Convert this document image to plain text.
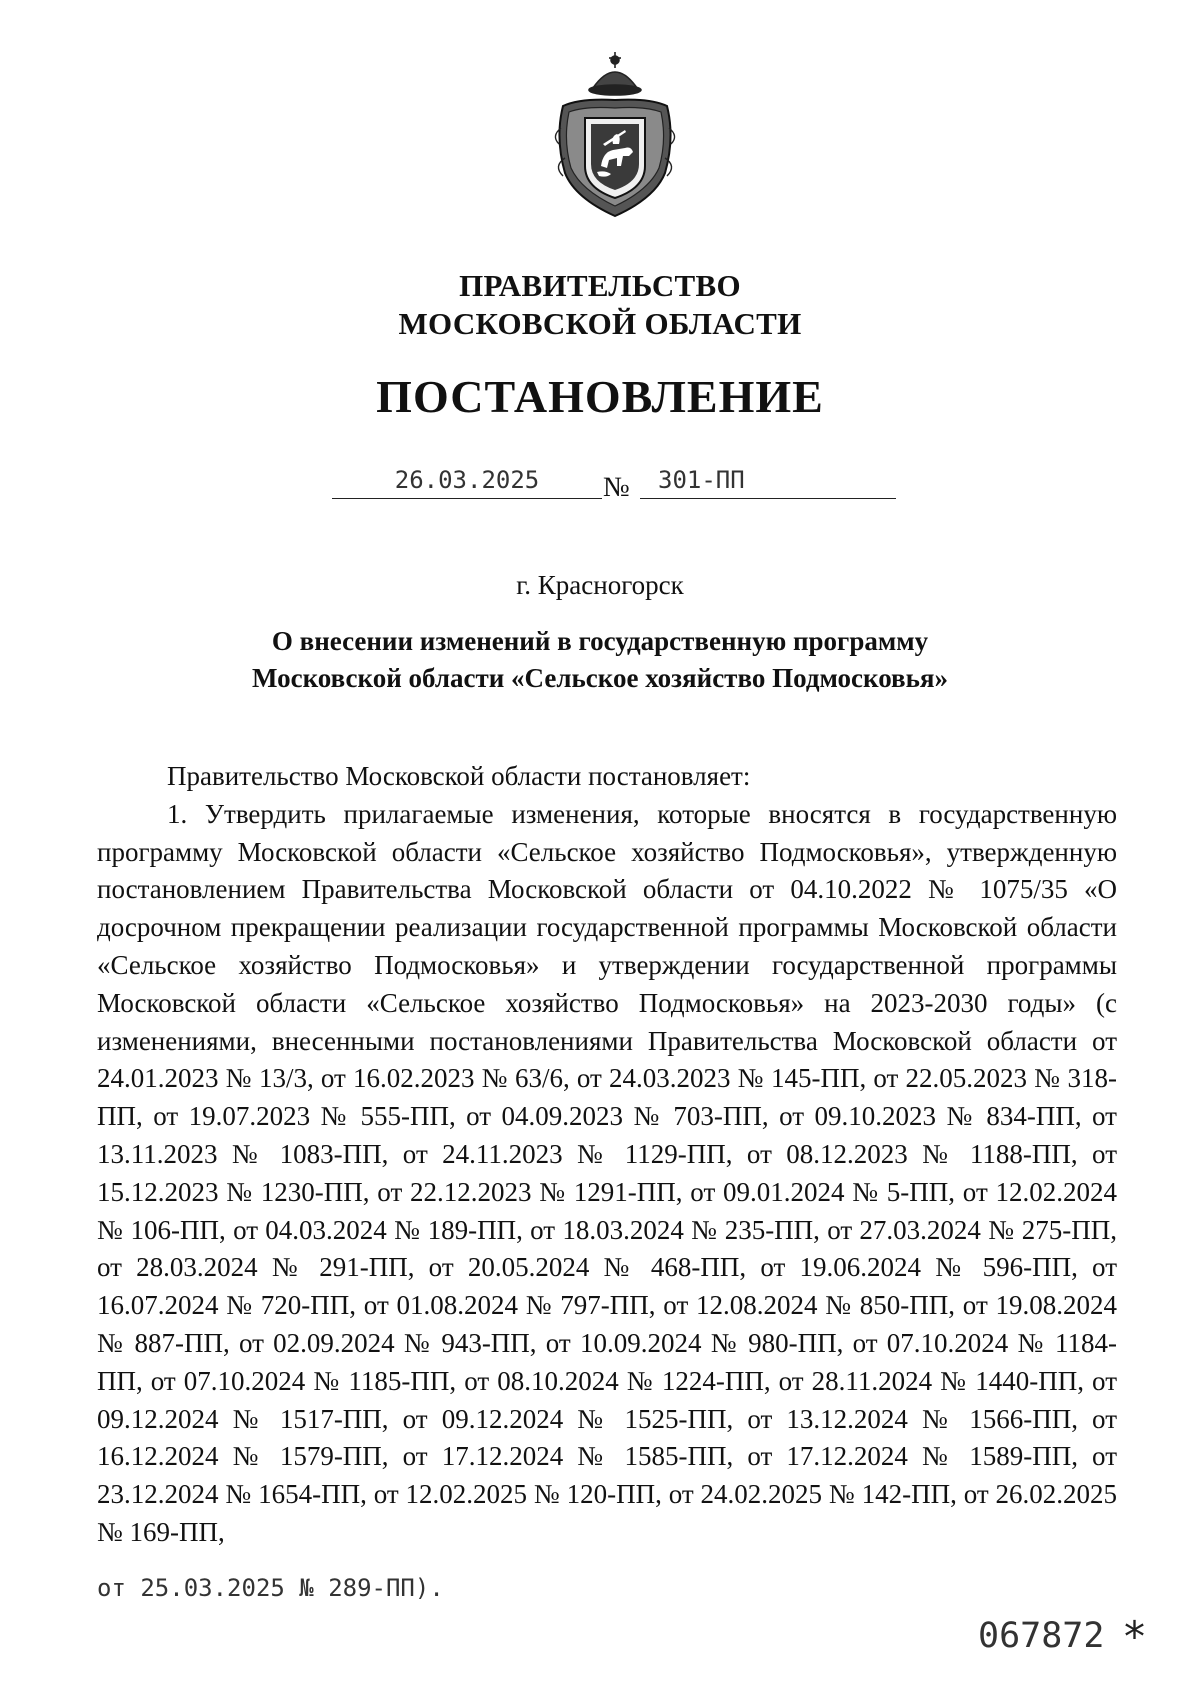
ПРАВИТЕЛЬСТВО
МОСКОВСКОЙ ОБЛАСТИ
ПОСТАНОВЛЕНИЕ
26.03.2025	№	301-ПП
г. Красногорск
О внесении изменений в государственную программу
Московской области «Сельское хозяйство Подмосковья»

Правительство Московской области постановляет:

1. Утвердить прилагаемые изменения, которые вносятся в государственную программу Московской области «Сельское хозяйство Подмосковья», утвержденную постановлением Правительства Московской области от 04.10.2022 № 1075/35 «О досрочном прекращении реализации государственной программы Московской области «Сельское хозяйство Подмосковья» и утверждении государственной программы Московской области «Сельское хозяйство Подмосковья» на 2023-2030 годы» (с изменениями, внесенными постановлениями Правительства Московской области от 24.01.2023 № 13/3, от 16.02.2023 № 63/6, от 24.03.2023 № 145-ПП, от 22.05.2023 № 318-ПП, от 19.07.2023 № 555-ПП, от 04.09.2023 № 703-ПП, от 09.10.2023 № 834-ПП, от 13.11.2023 № 1083-ПП, от 24.11.2023 № 1129-ПП, от 08.12.2023 № 1188-ПП, от 15.12.2023 № 1230-ПП, от 22.12.2023 № 1291-ПП, от 09.01.2024 № 5-ПП, от 12.02.2024 № 106-ПП, от 04.03.2024 № 189-ПП, от 18.03.2024 № 235-ПП, от 27.03.2024 № 275-ПП, от 28.03.2024 № 291-ПП, от 20.05.2024 № 468-ПП, от 19.06.2024 № 596-ПП, от 16.07.2024 № 720-ПП, от 01.08.2024 № 797-ПП, от 12.08.2024 № 850-ПП, от 19.08.2024 № 887-ПП, от 02.09.2024 № 943-ПП, от 10.09.2024 № 980-ПП, от 07.10.2024 № 1184-ПП, от 07.10.2024 № 1185-ПП, от 08.10.2024 № 1224-ПП, от 28.11.2024 № 1440-ПП, от 09.12.2024 № 1517-ПП, от 09.12.2024 № 1525-ПП, от 13.12.2024 № 1566-ПП, от 16.12.2024 № 1579-ПП, от 17.12.2024 № 1585-ПП, от 17.12.2024 № 1589-ПП, от 23.12.2024 № 1654-ПП, от 12.02.2025 № 120-ПП, от 24.02.2025 № 142-ПП, от 26.02.2025 № 169-ПП,

от 25.03.2025 № 289-ПП).
067872 *
